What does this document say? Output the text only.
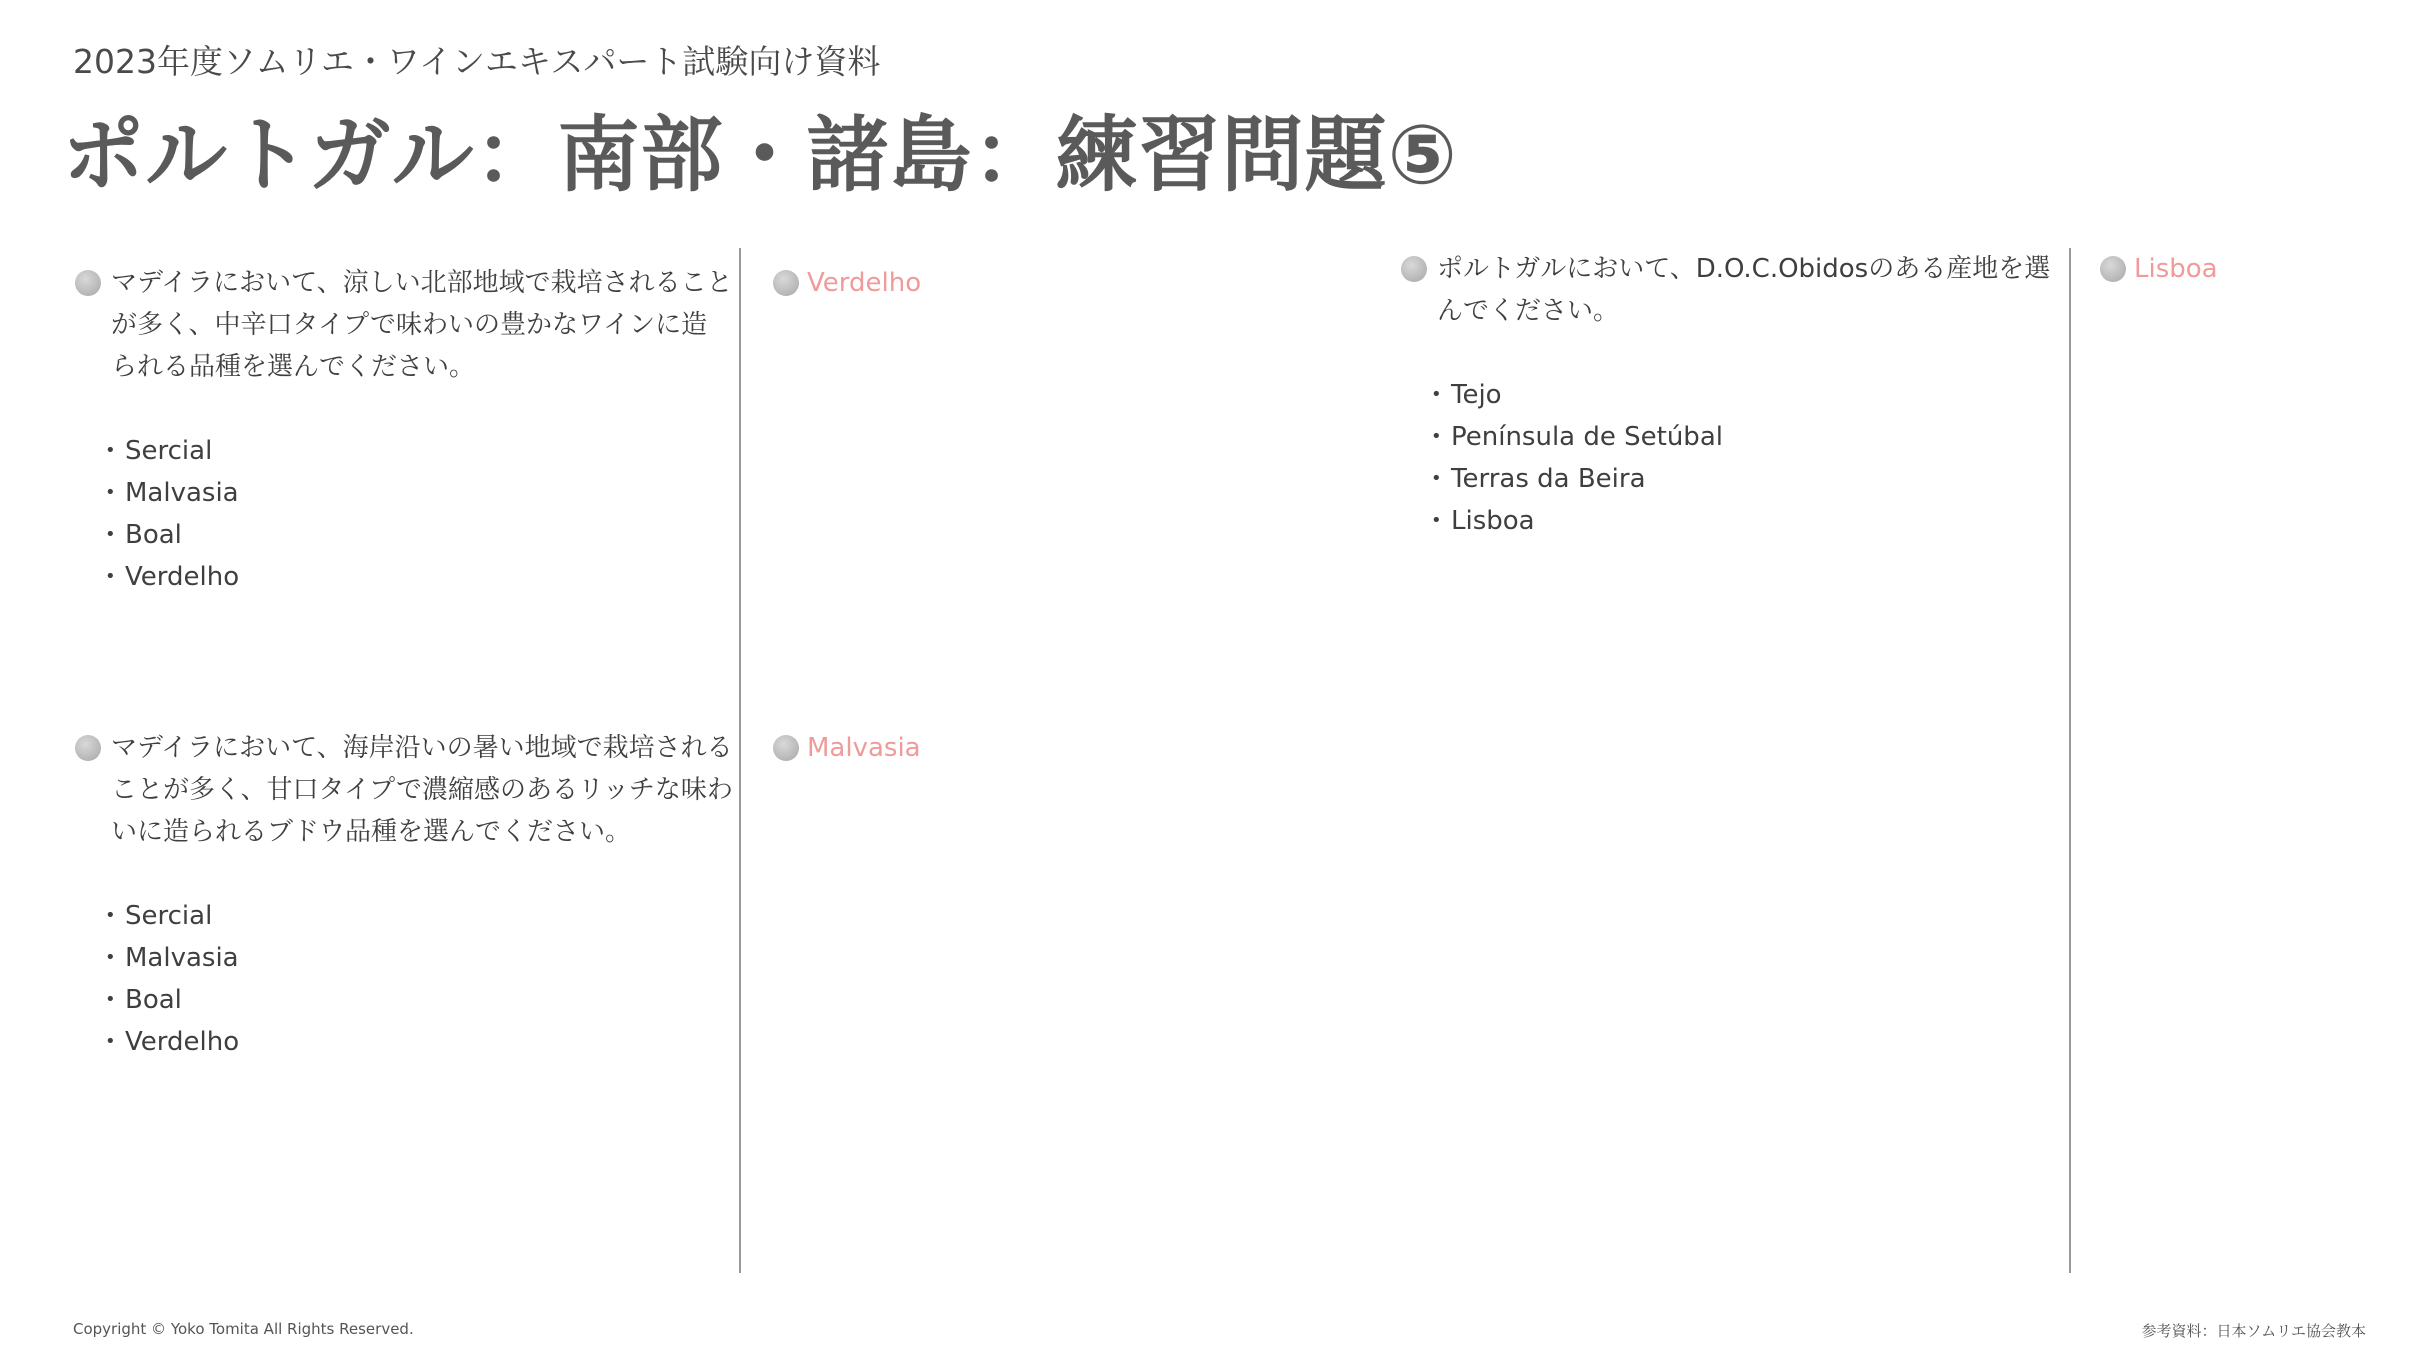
2023年度ソムリエ・ワインエキスパート試験向け資料
ポルトガル：南部・諸島：練習問題⑤
マデイラにおいて、涼しい北部地域で栽培されることが多く、中辛口タイプで味わいの豊かなワインに造られる品種を選んでください。
• Sercial
• Malvasia
• Boal
• Verdelho
Verdelho
マデイラにおいて、海岸沿いの暑い地域で栽培されることが多く、甘口タイプで濃縮感のあるリッチな味わいに造られるブドウ品種を選んでください。
• Sercial
• Malvasia
• Boal
• Verdelho
Malvasia
ポルトガルにおいて、D.O.C.Obidosのある産地を選んでください。
• Tejo
• Península de Setúbal
• Terras da Beira
• Lisboa
Lisboa
Copyright © Yoko Tomita All Rights Reserved.	参考資料：日本ソムリエ協会教本
